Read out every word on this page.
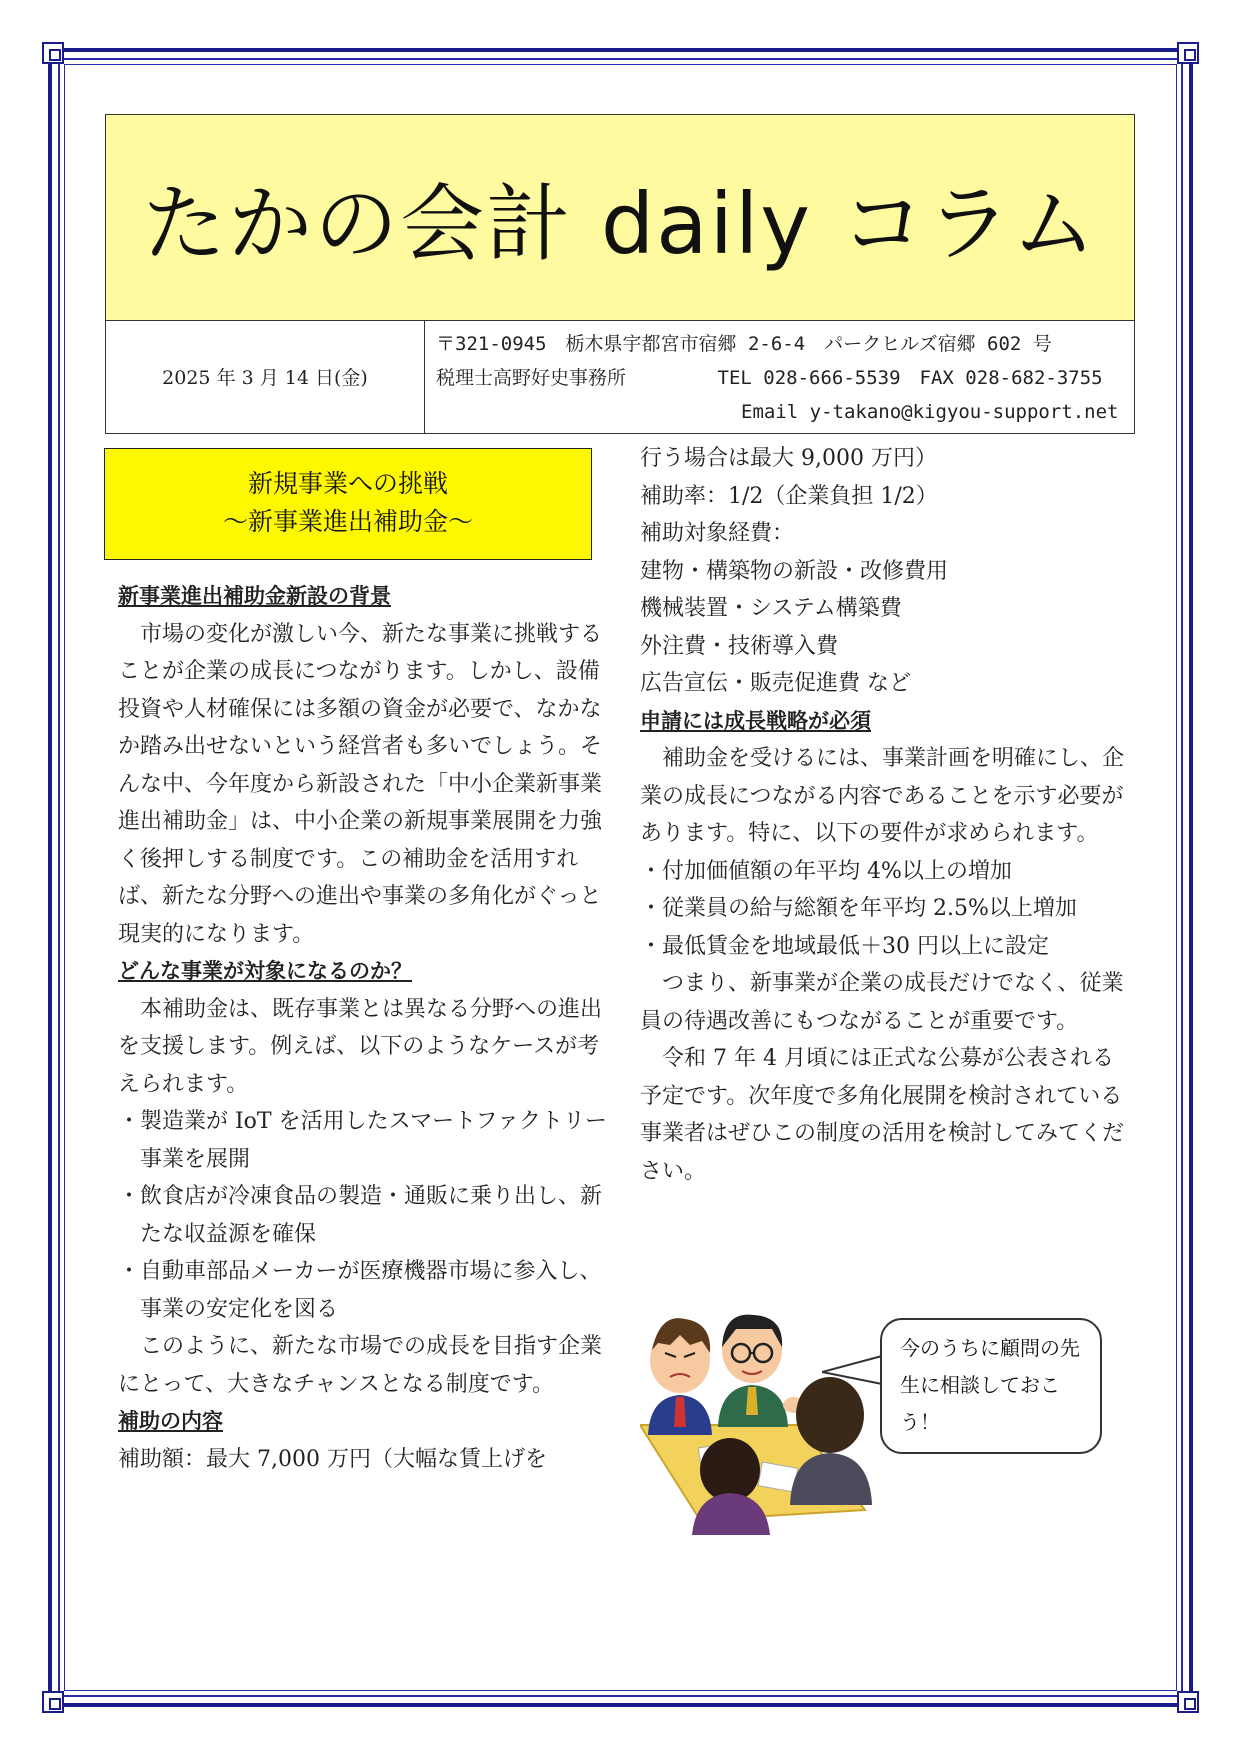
たかの会計 daily コラム
2025 年 3 月 14 日(金)
〒321-0945　栃木県宇都宮市宿郷 2-6-4　パークヒルズ宿郷 602 号
税理士高野好史事務所	TEL 028-666-5539　FAX 028-682-3755
Email y-takano@kigyou-support.net
新規事業への挑戦
～新事業進出補助金～
新事業進出補助金新設の背景
市場の変化が激しい今、新たな事業に挑戦することが企業の成長につながります。しかし、設備投資や人材確保には多額の資金が必要で、なかなか踏み出せないという経営者も多いでしょう。そんな中、今年度から新設された「中小企業新事業進出補助金」は、中小企業の新規事業展開を力強く後押しする制度です。この補助金を活用すれば、新たな分野への進出や事業の多角化がぐっと現実的になります。
どんな事業が対象になるのか？
本補助金は、既存事業とは異なる分野への進出を支援します。例えば、以下のようなケースが考えられます。
・製造業が IoT を活用したスマートファクトリー事業を展開
・飲食店が冷凍食品の製造・通販に乗り出し、新たな収益源を確保
・自動車部品メーカーが医療機器市場に参入し、事業の安定化を図る
このように、新たな市場での成長を目指す企業にとって、大きなチャンスとなる制度です。
補助の内容
補助額：最大 7,000 万円（大幅な賃上げを
行う場合は最大 9,000 万円）
補助率：1/2（企業負担 1/2）
補助対象経費：
建物・構築物の新設・改修費用
機械装置・システム構築費
外注費・技術導入費
広告宣伝・販売促進費 など
申請には成長戦略が必須
補助金を受けるには、事業計画を明確にし、企業の成長につながる内容であることを示す必要があります。特に、以下の要件が求められます。
・付加価値額の年平均 4%以上の増加
・従業員の給与総額を年平均 2.5%以上増加
・最低賃金を地域最低＋30 円以上に設定
つまり、新事業が企業の成長だけでなく、従業員の待遇改善にもつながることが重要です。
令和 7 年 4 月頃には正式な公募が公表される予定です。次年度で多角化展開を検討されている事業者はぜひこの制度の活用を検討してみてください。
今のうちに顧問の先生に相談しておこう！
